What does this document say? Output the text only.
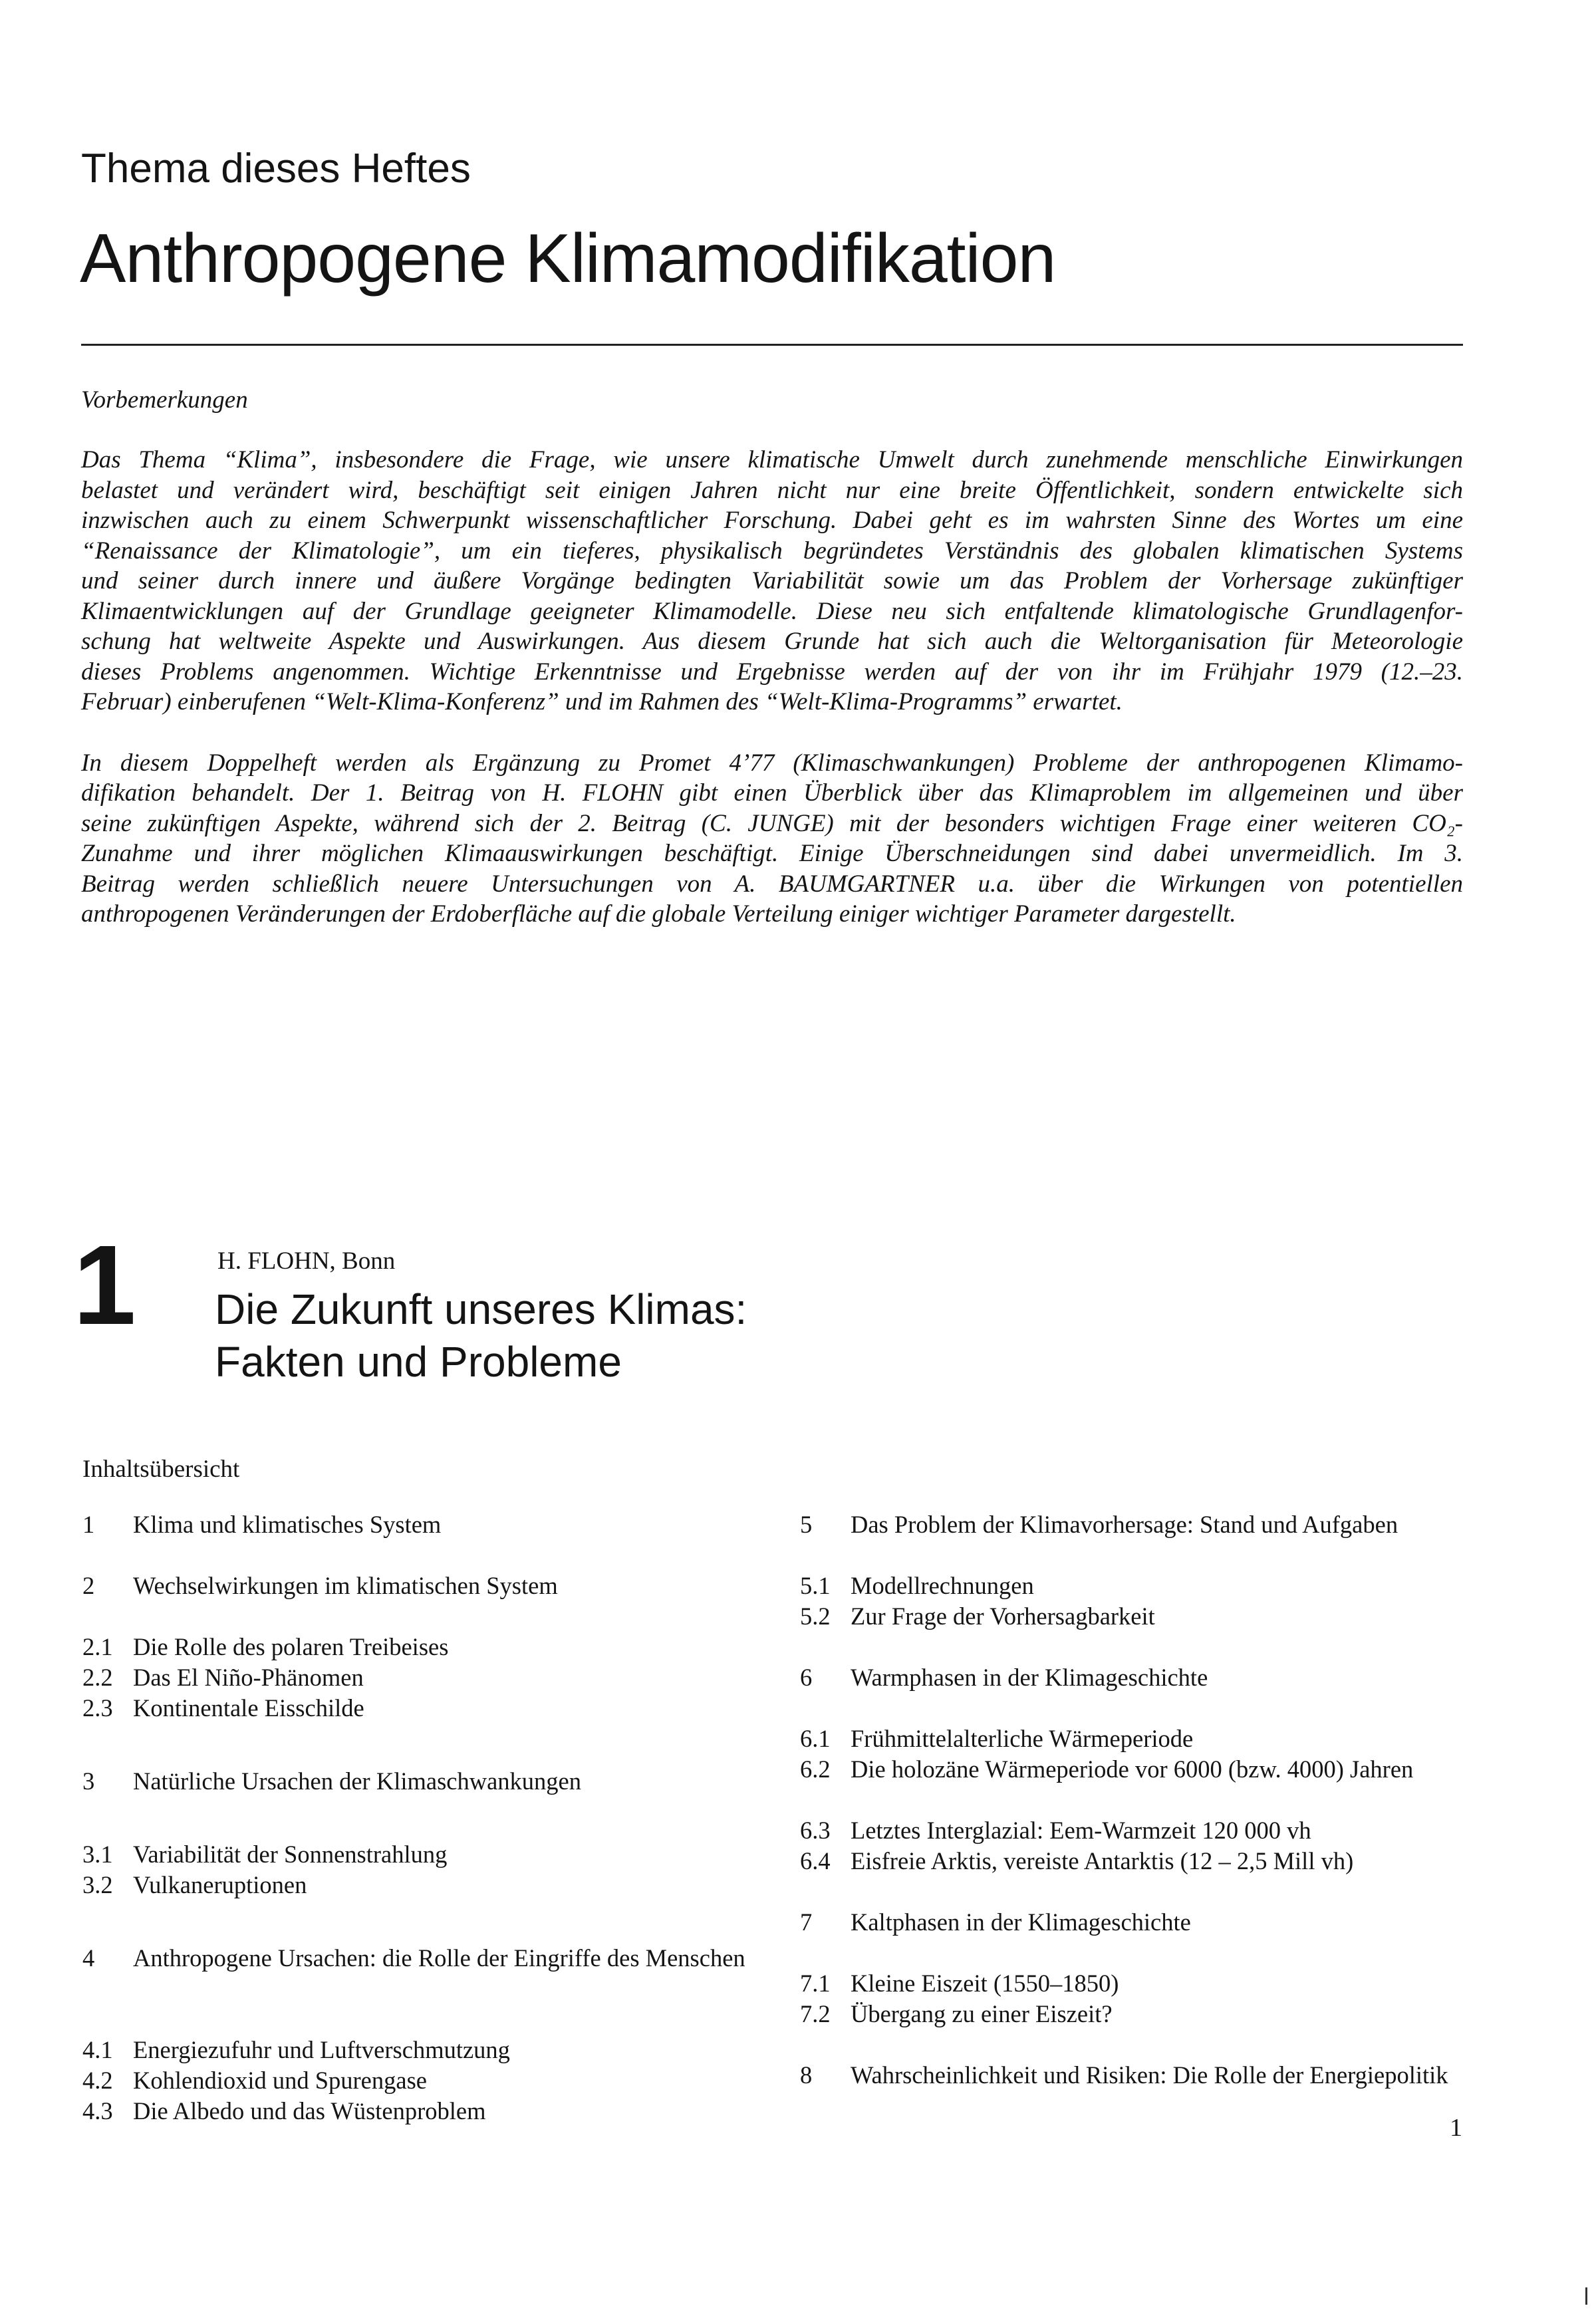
Thema dieses Heftes
Anthropogene Klimamodifikation
Vorbemerkungen

Das Thema “Klima”, insbesondere die Frage, wie unsere klimatische Umwelt durch zunehmende menschliche Einwirkungen
belastet und verändert wird, beschäftigt seit einigen Jahren nicht nur eine breite Öffentlichkeit, sondern entwickelte sich
inzwischen auch zu einem Schwerpunkt wissenschaftlicher Forschung. Dabei geht es im wahrsten Sinne des Wortes um eine
“Renaissance der Klimatologie”, um ein tieferes, physikalisch begründetes Verständnis des globalen klimatischen Systems
und seiner durch innere und äußere Vorgänge bedingten Variabilität sowie um das Problem der Vorhersage zukünftiger
Klimaentwicklungen auf der Grundlage geeigneter Klimamodelle. Diese neu sich entfaltende klimatologische Grundlagenfor-
schung hat weltweite Aspekte und Auswirkungen. Aus diesem Grunde hat sich auch die Weltorganisation für Meteorologie
dieses Problems angenommen. Wichtige Erkenntnisse und Ergebnisse werden auf der von ihr im Frühjahr 1979 (12.–23.
Februar) einberufenen “Welt-Klima-Konferenz” und im Rahmen des “Welt-Klima-Programms” erwartet.

In diesem Doppelheft werden als Ergänzung zu Promet 4’77 (Klimaschwankungen) Probleme der anthropogenen Klimamo-
difikation behandelt. Der 1. Beitrag von H. FLOHN gibt einen Überblick über das Klimaproblem im allgemeinen und über
seine zukünftigen Aspekte, während sich der 2. Beitrag (C. JUNGE) mit der besonders wichtigen Frage einer weiteren CO₂-
Zunahme und ihrer möglichen Klimaauswirkungen beschäftigt. Einige Überschneidungen sind dabei unvermeidlich. Im 3.
Beitrag werden schließlich neuere Untersuchungen von A. BAUMGARTNER u.a. über die Wirkungen von potentiellen
anthropogenen Veränderungen der Erdoberfläche auf die globale Verteilung einiger wichtiger Parameter dargestellt.

1	H. FLOHN, Bonn
Die Zukunft unseres Klimas:
Fakten und Probleme
Inhaltsübersicht
1	Klima und klimatisches System
2	Wechselwirkungen im klimatischen System
2.1 Die Rolle des polaren Treibeises
2.2 Das El Niño-Phänomen
2.3 Kontinentale Eisschilde
3	Natürliche Ursachen der Klimaschwankungen
3.1 Variabilität der Sonnenstrahlung
3.2 Vulkaneruptionen
4	Anthropogene Ursachen: die Rolle der Eingriffe des Menschen
4.1 Energiezufuhr und Luftverschmutzung
4.2 Kohlendioxid und Spurengase
4.3 Die Albedo und das Wüstenproblem
5	Das Problem der Klimavorhersage: Stand und Aufgaben
5.1 Modellrechnungen
5.2 Zur Frage der Vorhersagbarkeit
6	Warmphasen in der Klimageschichte
6.1 Frühmittelalterliche Wärmeperiode
6.2 Die holozäne Wärmeperiode vor 6000 (bzw. 4000) Jahren
6.3 Letztes Interglazial: Eem-Warmzeit 120 000 vh
6.4 Eisfreie Arktis, vereiste Antarktis (12 – 2,5 Mill vh)
7	Kaltphasen in der Klimageschichte
7.1 Kleine Eiszeit (1550–1850)
7.2 Übergang zu einer Eiszeit?
8	Wahrscheinlichkeit und Risiken: Die Rolle der Energiepolitik
1
